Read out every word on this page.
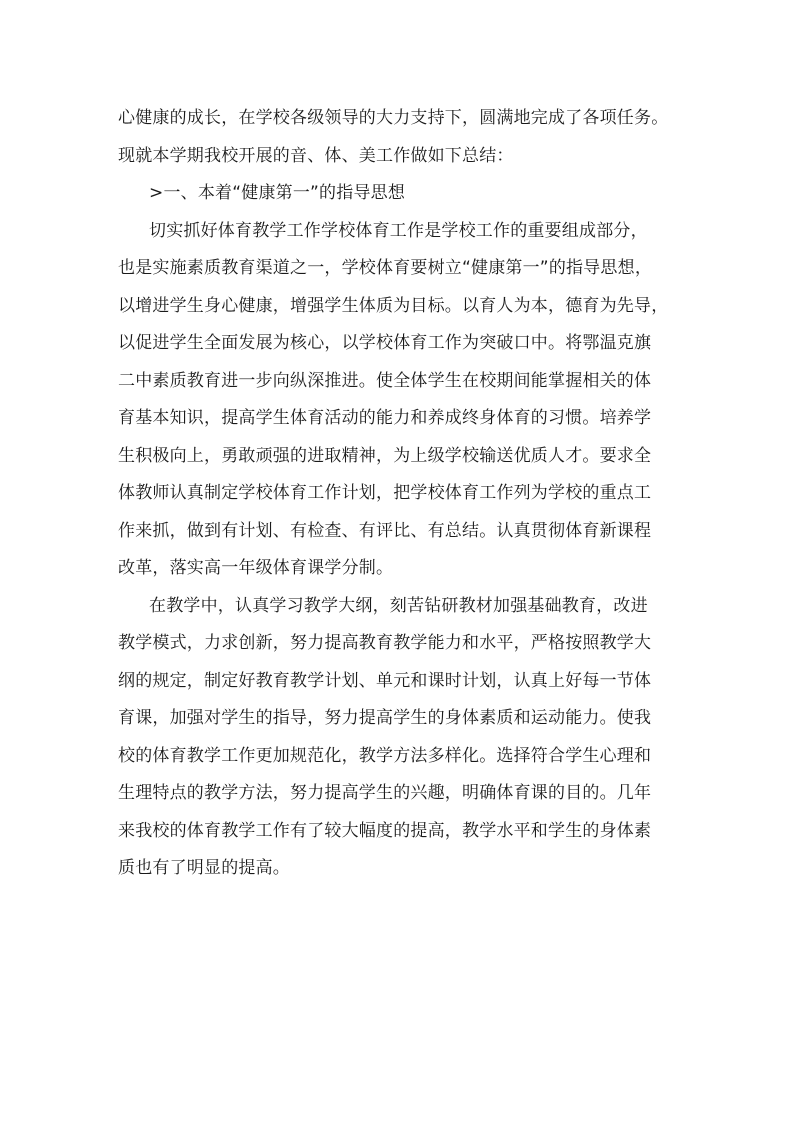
心健康的成长，在学校各级领导的大力支持下，圆满地完成了各项任务。
现就本学期我校开展的音、体、美工作做如下总结：
>一、本着“健康第一”的指导思想
切实抓好体育教学工作学校体育工作是学校工作的重要组成部分，
也是实施素质教育渠道之一，学校体育要树立“健康第一”的指导思想，
以增进学生身心健康，增强学生体质为目标。以育人为本，德育为先导，
以促进学生全面发展为核心，以学校体育工作为突破口中。将鄂温克旗
二中素质教育进一步向纵深推进。使全体学生在校期间能掌握相关的体
育基本知识，提高学生体育活动的能力和养成终身体育的习惯。培养学
生积极向上，勇敢顽强的进取精神，为上级学校输送优质人才。要求全
体教师认真制定学校体育工作计划，把学校体育工作列为学校的重点工
作来抓，做到有计划、有检查、有评比、有总结。认真贯彻体育新课程
改革，落实高一年级体育课学分制。
在教学中，认真学习教学大纲，刻苦钻研教材加强基础教育，改进
教学模式，力求创新，努力提高教育教学能力和水平，严格按照教学大
纲的规定，制定好教育教学计划、单元和课时计划，认真上好每一节体
育课，加强对学生的指导，努力提高学生的身体素质和运动能力。使我
校的体育教学工作更加规范化，教学方法多样化。选择符合学生心理和
生理特点的教学方法，努力提高学生的兴趣，明确体育课的目的。几年
来我校的体育教学工作有了较大幅度的提高，教学水平和学生的身体素
质也有了明显的提高。
